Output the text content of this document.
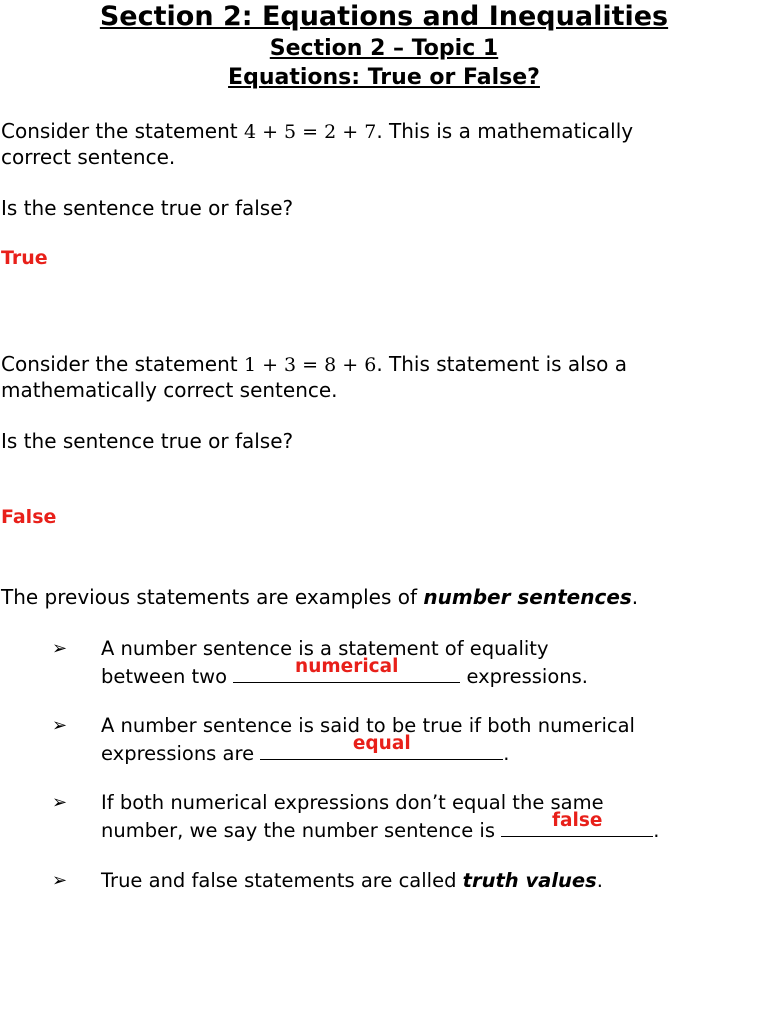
Section 2: Equations and Inequalities
Section 2 – Topic 1
Equations: True or False?
Consider the statement 4 + 5 = 2 + 7. This is a mathematically
correct sentence.
Is the sentence true or false?
True
Consider the statement 1 + 3 = 8 + 6. This statement is also a
mathematically correct sentence.
Is the sentence true or false?
False
The previous statements are examples of number sentences.
➢ A number sentence is a statement of equality
between two	numerical	expressions.
➢ A number sentence is said to be true if both numerical
expressions are	equal	.
➢ If both numerical expressions don’t equal the same
number, we say the number sentence is	false	.
➢ True and false statements are called truth values.
